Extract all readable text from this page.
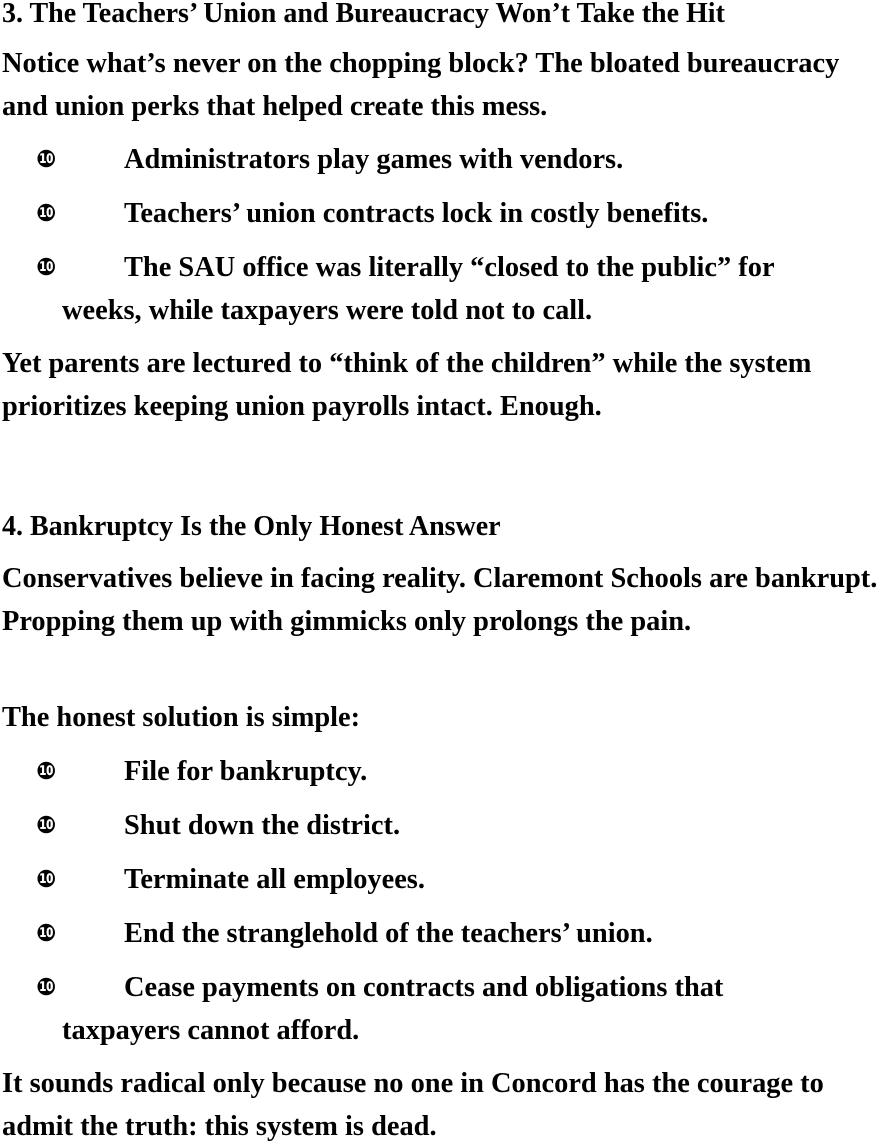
3. The Teachers’ Union and Bureaucracy Won’t Take the Hit

Notice what’s never on the chopping block? The bloated bureaucracy and union perks that helped create this mess.

❿ Administrators play games with vendors.
❿ Teachers’ union contracts lock in costly benefits.
❿ The SAU office was literally “closed to the public” for
weeks, while taxpayers were told not to call.

Yet parents are lectured to “think of the children” while the system prioritizes keeping union payrolls intact. Enough.

4. Bankruptcy Is the Only Honest Answer

Conservatives believe in facing reality. Claremont Schools are bankrupt. Propping them up with gimmicks only prolongs the pain.

The honest solution is simple:

❿ File for bankruptcy.
❿ Shut down the district.
❿ Terminate all employees.
❿ End the stranglehold of the teachers’ union.
❿ Cease payments on contracts and obligations that
taxpayers cannot afford.

It sounds radical only because no one in Concord has the courage to admit the truth: this system is dead.
